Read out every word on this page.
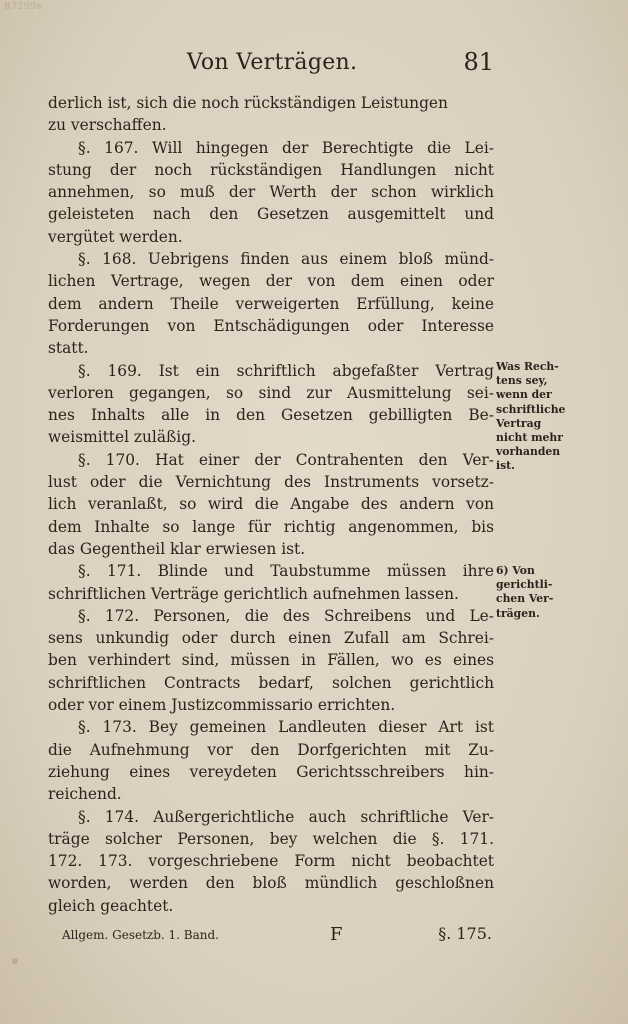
R7299a
Von Verträgen.	81
derlich ist, sich die noch rückständigen Leistungen
zu verschaffen.
§. 167. Will hingegen der Berechtigte die Lei-
stung der noch rückständigen Handlungen nicht
annehmen, so muß der Werth der schon wirklich
geleisteten nach den Gesetzen ausgemittelt und
vergütet werden.
§. 168. Uebrigens finden aus einem bloß münd-
lichen Vertrage, wegen der von dem einen oder
dem andern Theile verweigerten Erfüllung, keine
Forderungen von Entschädigungen oder Interesse
statt.
§. 169. Ist ein schriftlich abgefaßter Vertrag
verloren gegangen, so sind zur Ausmittelung sei-
nes Inhalts alle in den Gesetzen gebilligten Be-
weismittel zuläßig.
§. 170. Hat einer der Contrahenten den Ver-
lust oder die Vernichtung des Instruments vorsetz-
lich veranlaßt, so wird die Angabe des andern von
dem Inhalte so lange für richtig angenommen, bis
das Gegentheil klar erwiesen ist.
§. 171. Blinde und Taubstumme müssen ihre
schriftlichen Verträge gerichtlich aufnehmen lassen.
§. 172. Personen, die des Schreibens und Le-
sens unkundig oder durch einen Zufall am Schrei-
ben verhindert sind, müssen in Fällen, wo es eines
schriftlichen Contracts bedarf, solchen gerichtlich
oder vor einem Justizcommissario errichten.
§. 173. Bey gemeinen Landleuten dieser Art ist
die Aufnehmung vor den Dorfgerichten mit Zu-
ziehung eines vereydeten Gerichtsschreibers hin-
reichend.
§. 174. Außergerichtliche auch schriftliche Ver-
träge solcher Personen, bey welchen die §. 171.
172. 173. vorgeschriebene Form nicht beobachtet
worden, werden den bloß mündlich geschloßnen
gleich geachtet.
Was Rech-
tens sey,
wenn der
schriftliche
Vertrag
nicht mehr
vorhanden
ist.
6) Von
gerichtli-
chen Ver-
trägen.
Allgem. Gesetzb. 1. Band.	F	§. 175.
